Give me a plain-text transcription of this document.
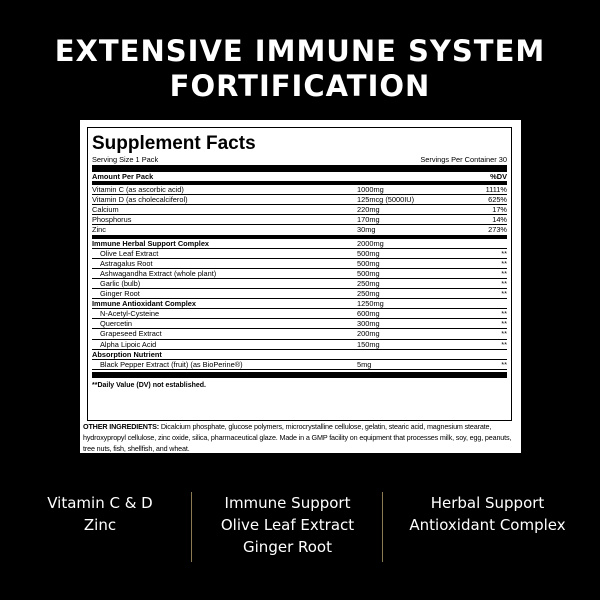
EXTENSIVE IMMUNE SYSTEM
FORTIFICATION
Supplement Facts
Serving Size 1 Pack	Servings Per Container 30
Amount Per Pack	%DV
Vitamin C (as ascorbic acid)	1000mg	1111%
Vitamin D (as cholecalciferol)	125mcg (5000IU)	625%
Calcium	220mg	17%
Phosphorus	170mg	14%
Zinc	30mg	273%
Immune Herbal Support Complex	2000mg
Olive Leaf Extract	500mg	**
Astragalus Root	500mg	**
Ashwagandha Extract (whole plant)	500mg	**
Garlic (bulb)	250mg	**
Ginger Root	250mg	**
Immune Antioxidant Complex	1250mg
N-Acetyl-Cysteine	600mg	**
Quercetin	300mg	**
Grapeseed Extract	200mg	**
Alpha Lipoic Acid	150mg	**
Absorption Nutrient
Black Pepper Extract (fruit) (as BioPerine®)	5mg	**
**Daily Value (DV) not established.
OTHER INGREDIENTS: Dicalcium phosphate, glucose polymers, microcrystalline cellulose, gelatin, stearic acid, magnesium stearate, hydroxypropyl cellulose, zinc oxide, silica, pharmaceutical glaze. Made in a GMP facility on equipment that processes milk, soy, egg, peanuts, tree nuts, fish, shellfish, and wheat.
Vitamin C & D
Zinc
Immune Support
Olive Leaf Extract
Ginger Root
Herbal Support
Antioxidant Complex
